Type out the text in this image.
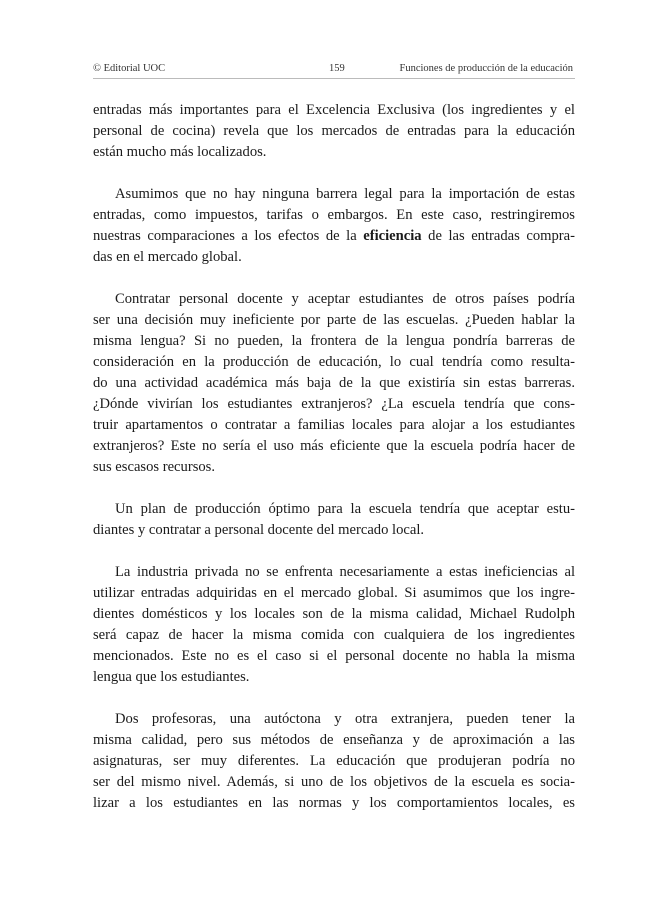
© Editorial UOC	159	Funciones de producción de la educación
entradas más importantes para el Excelencia Exclusiva (los ingredientes y el
personal de cocina) revela que los mercados de entradas para la educación
están mucho más localizados.
Asumimos que no hay ninguna barrera legal para la importación de estas
entradas, como impuestos, tarifas o embargos. En este caso, restringiremos
nuestras comparaciones a los efectos de la eficiencia de las entradas compra-
das en el mercado global.
Contratar personal docente y aceptar estudiantes de otros países podría
ser una decisión muy ineficiente por parte de las escuelas. ¿Pueden hablar la
misma lengua? Si no pueden, la frontera de la lengua pondría barreras de
consideración en la producción de educación, lo cual tendría como resulta-
do una actividad académica más baja de la que existiría sin estas barreras.
¿Dónde vivirían los estudiantes extranjeros? ¿La escuela tendría que cons-
truir apartamentos o contratar a familias locales para alojar a los estudiantes
extranjeros? Este no sería el uso más eficiente que la escuela podría hacer de
sus escasos recursos.
Un plan de producción óptimo para la escuela tendría que aceptar estu-
diantes y contratar a personal docente del mercado local.
La industria privada no se enfrenta necesariamente a estas ineficiencias al
utilizar entradas adquiridas en el mercado global. Si asumimos que los ingre-
dientes domésticos y los locales son de la misma calidad, Michael Rudolph
será capaz de hacer la misma comida con cualquiera de los ingredientes
mencionados. Este no es el caso si el personal docente no habla la misma
lengua que los estudiantes.
Dos profesoras, una autóctona y otra extranjera, pueden tener la
misma calidad, pero sus métodos de enseñanza y de aproximación a las
asignaturas, ser muy diferentes. La educación que produjeran podría no
ser del mismo nivel. Además, si uno de los objetivos de la escuela es socia-
lizar a los estudiantes en las normas y los comportamientos locales, es
